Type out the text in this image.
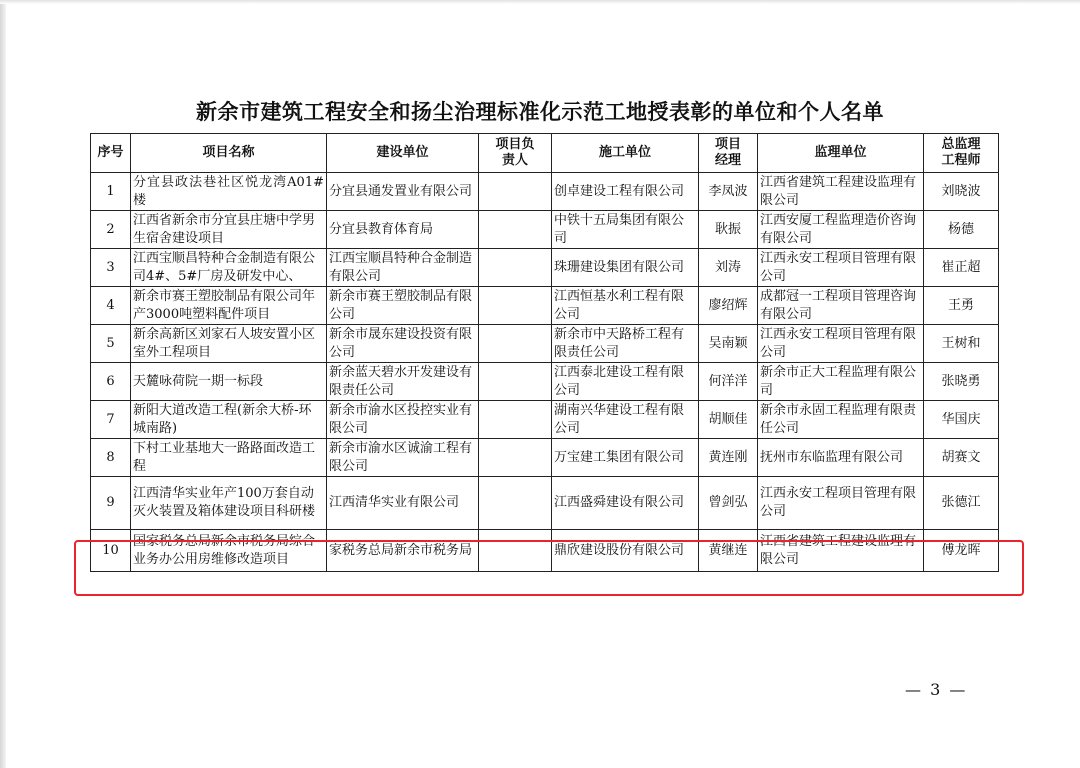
新余市建筑工程安全和扬尘治理标准化示范工地授表彰的单位和个人名单
序号	项目名称	建设单位	项目负责人	施工单位	项目经理	监理单位	总监理工程师
1	分宜县政法巷社区悦龙湾A01#楼	分宜县通发置业有限公司		创卓建设工程有限公司	李凤波	江西省建筑工程建设监理有限公司	刘晓波
2	江西省新余市分宜县庄塘中学男生宿舍建设项目	分宜县教育体育局		中铁十五局集团有限公司	耿振	江西安厦工程监理造价咨询有限公司	杨德
3	江西宝顺昌特种合金制造有限公司4#、5#厂房及研发中心、	江西宝顺昌特种合金制造有限公司		珠珊建设集团有限公司	刘涛	江西永安工程项目管理有限公司	崔正超
4	新余市赛王塑胶制品有限公司年产3000吨塑料配件项目	新余市赛王塑胶制品有限公司		江西恒基水利工程有限公司	廖绍辉	成都冠一工程项目管理咨询有限公司	王勇
5	新余高新区刘家石人坡安置小区室外工程项目	新余市晟东建设投资有限公司		新余市中天路桥工程有限责任公司	吴南颖	江西永安工程项目管理有限公司	王树和
6	天麓咏荷院一期一标段	新余蓝天碧水开发建设有限责任公司		江西泰北建设工程有限公司	何洋洋	新余市正大工程监理有限公司	张晓勇
7	新阳大道改造工程(新余大桥-环城南路)	新余市渝水区投控实业有限公司		湖南兴华建设工程有限公司	胡顺佳	新余市永固工程监理有限责任公司	华国庆
8	下村工业基地大一路路面改造工程	新余市渝水区诚渝工程有限公司		万宝建工集团有限公司	黄连刚	抚州市东临监理有限公司	胡赛文
9	江西清华实业年产100万套自动灭火装置及箱体建设项目科研楼	江西清华实业有限公司		江西盛舜建设有限公司	曾剑弘	江西永安工程项目管理有限公司	张德江
10	国家税务总局新余市税务局综合业务办公用房维修改造项目	家税务总局新余市税务局		鼎欣建设股份有限公司	黄继连	江西省建筑工程建设监理有限公司	傅龙晖
— 3 —
